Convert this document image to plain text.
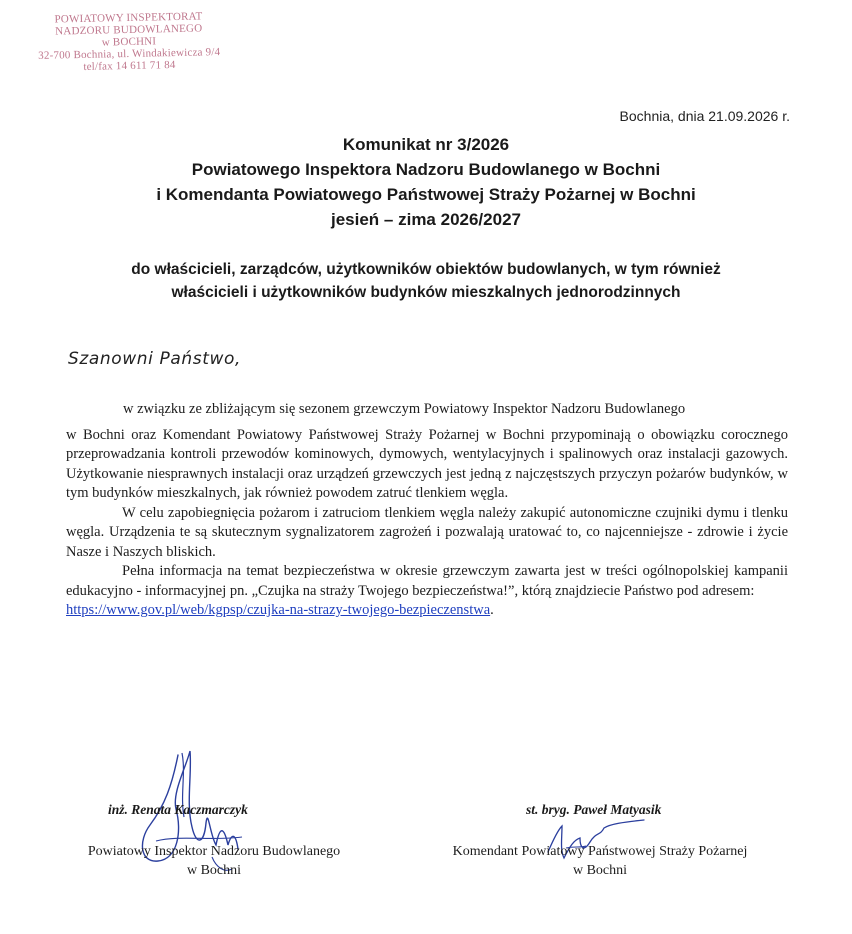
POWIATOWY INSPEKTORAT
NADZORU BUDOWLANEGO
w BOCHNI
32-700 Bochnia, ul. Windakiewicza 9/4
tel/fax 14 611 71 84
Bochnia, dnia 21.09.2026 r.
Komunikat nr 3/2026
Powiatowego Inspektora Nadzoru Budowlanego w Bochni
i Komendanta Powiatowego Państwowej Straży Pożarnej w Bochni
jesień – zima 2026/2027
do właścicieli, zarządców, użytkowników obiektów budowlanych, w tym również
właścicieli i użytkowników budynków mieszkalnych jednorodzinnych
Szanowni Państwo,

w związku ze zbliżającym się sezonem grzewczym Powiatowy Inspektor Nadzoru Budowlanego

w Bochni oraz Komendant Powiatowy Państwowej Straży Pożarnej w Bochni przypominają o obowiązku corocznego przeprowadzania kontroli przewodów kominowych, dymowych, wentylacyjnych i spalinowych oraz instalacji gazowych. Użytkowanie niesprawnych instalacji oraz urządzeń grzewczych jest jedną z najczęstszych przyczyn pożarów budynków, w tym budynków mieszkalnych, jak również powodem zatruć tlenkiem węgla.

W celu zapobiegnięcia pożarom i zatruciom tlenkiem węgla należy zakupić autonomiczne czujniki dymu i tlenku węgla. Urządzenia te są skutecznym sygnalizatorem zagrożeń i pozwalają uratować to, co najcenniejsze - zdrowie i życie Nasze i Naszych bliskich.

Pełna informacja na temat bezpieczeństwa w okresie grzewczym zawarta jest w treści ogólnopolskiej kampanii edukacyjno - informacyjnej pn. „Czujka na straży Twojego bezpieczeństwa!”, którą znajdziecie Państwo pod adresem:

https://www.gov.pl/web/kgpsp/czujka-na-strazy-twojego-bezpieczenstwa.

inż. Renata Kaczmarczyk
Powiatowy Inspektor Nadzoru Budowlanego
w Bochni
st. bryg. Paweł Matyasik
Komendant Powiatowy Państwowej Straży Pożarnej
w Bochni
